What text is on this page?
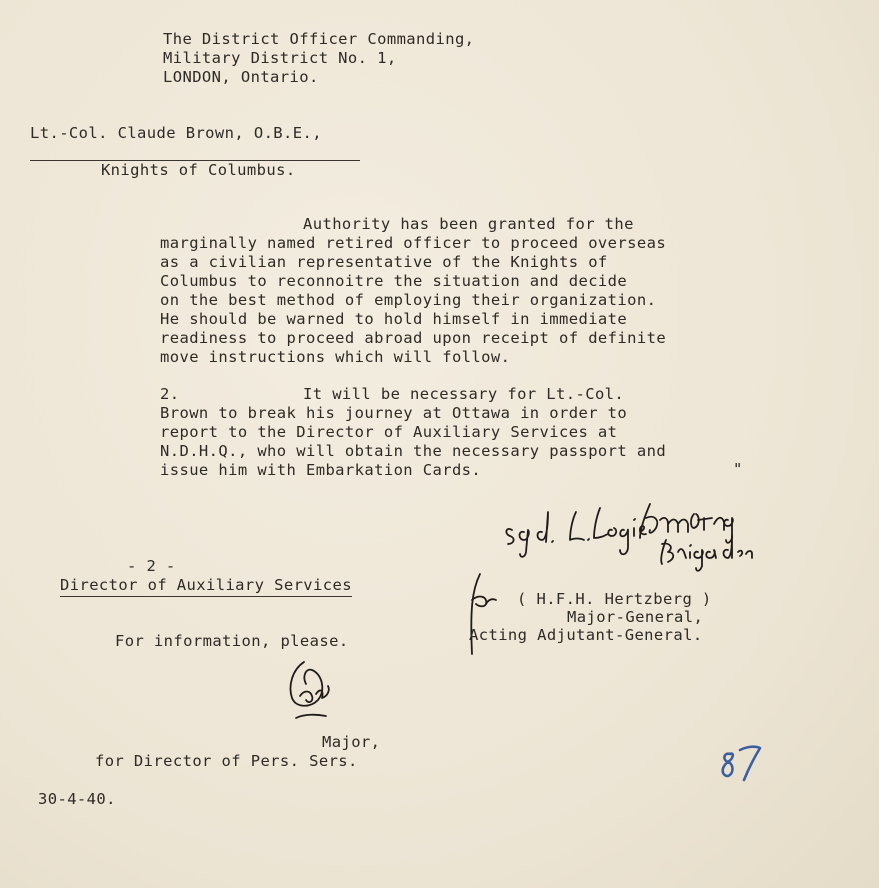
The District Officer Commanding,
Military District No. 1,
LONDON, Ontario.
Lt.-Col. Claude Brown, O.B.E.,

Knights of Columbus.

Authority has been granted for the
marginally named retired officer to proceed overseas
as a civilian representative of the Knights of
Columbus to reconnoitre the situation and decide
on the best method of employing their organization.
He should be warned to hold himself in immediate
readiness to proceed abroad upon receipt of definite
move instructions which will follow.
2.	It will be necessary for Lt.-Col.
Brown to break his journey at Ottawa in order to
report to the Director of Auxiliary Services at
N.D.H.Q., who will obtain the necessary passport and
issue him with Embarkation Cards.	"
( H.F.H. Hertzberg )
Major-General,
Acting Adjutant-General.
- 2 -
Director of Auxiliary Services
For information, please.
Major,
for Director of Pers. Sers.
30-4-40.
